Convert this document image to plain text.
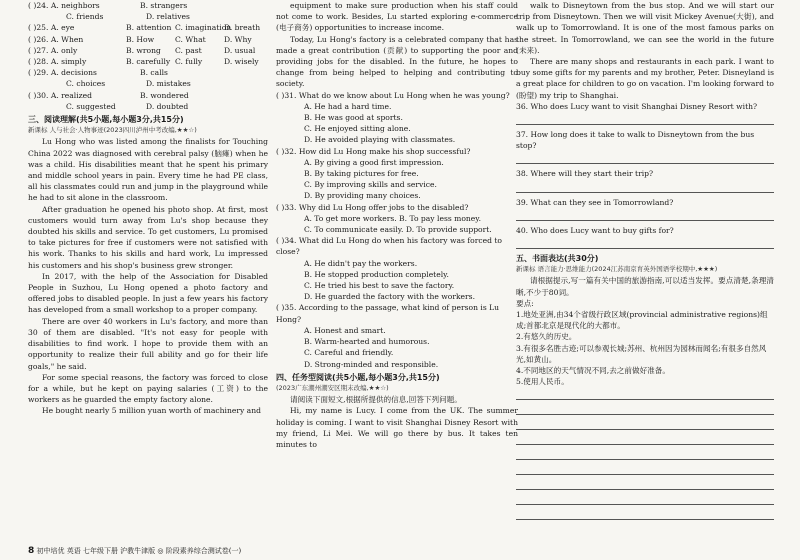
( )24. A. neighbors	B. strangers
C. friends	D. relatives
( )25. A. eye	B. attention C. imagination
D. breath
( )26. A. When	B. How	C. What	D. Why
( )27. A. only	B. wrong	C. past	D. usual
( )28. A. simply	B. carefully C. fully	D. wisely
( )29. A. decisions	B. calls
C. choices	D. mistakes
( )30. A. realized	B. wondered
C. suggested	D. doubted
三、阅读理解(共5小题,每小题3分,共15分)
新课标 人与社会·人物事迹(2023四川泸州中考改编,★★☆)

Lu Hong who was listed among the finalists for Touching China 2022 was diagnosed with cerebral palsy (脑瘫) when he was a child. His disabilities meant that he spent his primary and middle school years in pain. Every time he had PE class, all his classmates could run and jump in the playground while he had to sit alone in the classroom.

After graduation he opened his photo shop. At first, most customers would turn away from Lu's shop because they doubted his skills and service. To get customers, Lu promised to take pictures for free if customers were not satisfied with his work. Thanks to his skills and hard work, Lu impressed his customers and his shop's business grew stronger.

In 2017, with the help of the Association for Disabled People in Suzhou, Lu Hong opened a photo factory and offered jobs to disabled people. In just a few years his factory has developed from a small workshop to a proper company.

There are over 40 workers in Lu's factory, and more than 30 of them are disabled. "It's not easy for people with disabilities to find work. I hope to provide them with an opportunity to realize their full ability and go for their life goals," he said.

For some special reasons, the factory was forced to close for a while, but he kept on paying salaries (工资) to the workers as he guarded the empty factory alone.

He bought nearly 5 million yuan worth of machinery and

equipment to make sure production when his staff could not come to work. Besides, Lu started exploring e-commerce (电子商务) opportunities to increase income.

Today, Lu Hong's factory is a celebrated company that has made a great contribution (贡献) to supporting the poor and providing jobs for the disabled. In the future, he hopes to change from being helped to helping and contributing to society.

( )31. What do we know about Lu Hong when he was young?
A. He had a hard time.
B. He was good at sports.
C. He enjoyed sitting alone.
D. He avoided playing with classmates.
( )32. How did Lu Hong make his shop successful?
A. By giving a good first impression.
B. By taking pictures for free.
C. By improving skills and service.
D. By providing many choices.
( )33. Why did Lu Hong offer jobs to the disabled?
A. To get more workers. B. To pay less money.
C. To communicate easily. D. To provide support.
( )34. What did Lu Hong do when his factory was forced to close?
A. He didn't pay the workers.
B. He stopped production completely.
C. He tried his best to save the factory.
D. He guarded the factory with the workers.
( )35. According to the passage, what kind of person is Lu Hong?
A. Honest and smart.
B. Warm-hearted and humorous.
C. Careful and friendly.
D. Strong-minded and responsible.
四、任务型阅读(共5小题,每小题3分,共15分)
(2023广东潮州潮安区期末改编,★★☆)

请阅读下面短文,根据所提供的信息,回答下列问题。

Hi, my name is Lucy. I come from the UK. The summer holiday is coming. I want to visit Shanghai Disney Resort with my friend, Li Mei. We will go there by bus. It takes ten minutes to

walk to Disneytown from the bus stop. And we will start our trip from Disneytown. Then we will visit Mickey Avenue(大街), and walk up to Tomorrowland. It is one of the most famous parks on the street. In Tomorrowland, we can see the world in the future (未来).

There are many shops and restaurants in each park. I want to buy some gifts for my parents and my brother, Peter. Disneyland is a great place for children to go on vacation. I'm looking forward to (盼望) my trip to Shanghai.

36. Who does Lucy want to visit Shanghai Disney Resort with?
37. How long does it take to walk to Disneytown from the bus stop?
38. Where will they start their trip?
39. What can they see in Tomorrowland?
40. Who does Lucy want to buy gifts for?
五、书面表达(共30分)
新课标 语言能力·思维能力(2024江苏南京育英外国语学校期中,★★★)

请根据提示,写一篇有关中国的旅游指南,可以适当发挥。要点清楚,条理清晰,不少于80词。

要点:
1.地处亚洲,由34个省级行政区域(provincial administrative regions)组成;首都北京是现代化的大都市。
2.有悠久的历史。
3.有很多名胜古迹;可以参观长城;苏州、杭州因为园林而闻名;有很多自然风光,如黄山。
4.不同地区的天气情况不同,去之前做好准备。
5.使用人民币。
8 初中培优 英语 七年级下册 沪教牛津版 ◎ 阶段素养综合测试卷(一)
